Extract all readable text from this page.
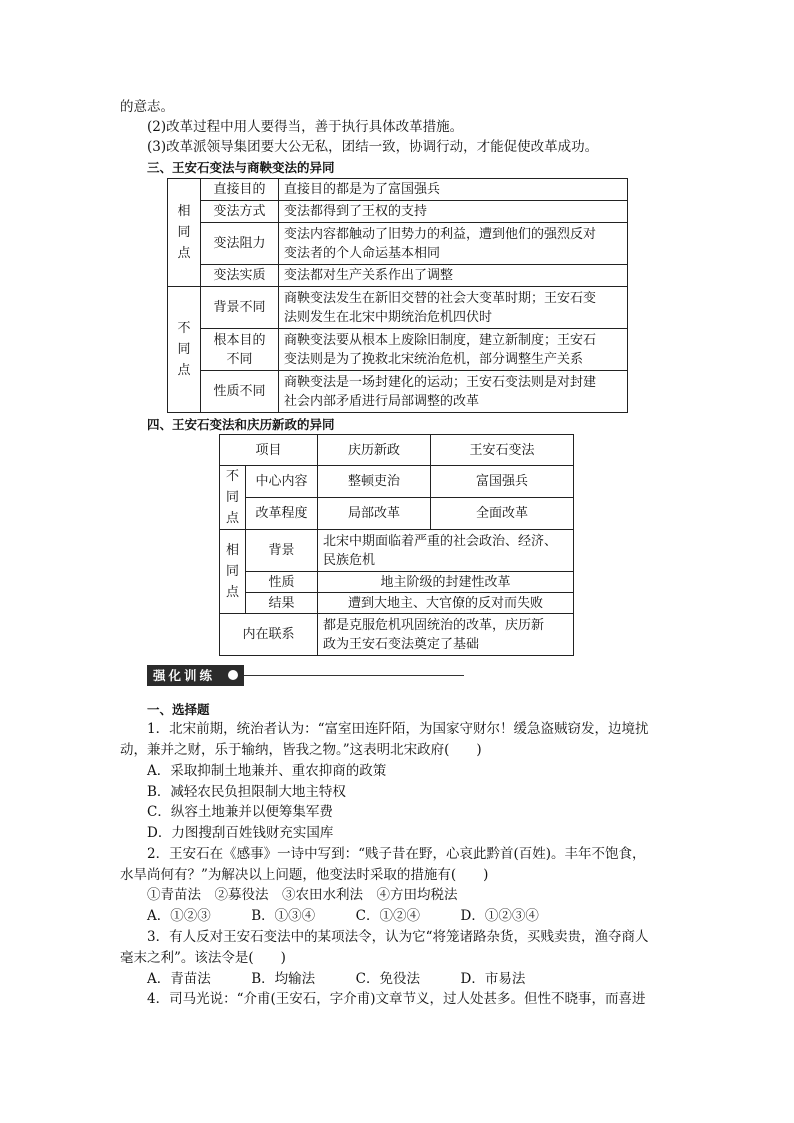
的意志。
(2)改革过程中用人要得当，善于执行具体改革措施。
(3)改革派领导集团要大公无私，团结一致，协调行动，才能促使改革成功。
三、王安石变法与商鞅变法的异同
相
同
点	直接目的	直接目的都是为了富国强兵
	变法方式	变法都得到了王权的支持
	变法阻力	变法内容都触动了旧势力的利益，遭到他们的强烈反对
变法者的个人命运基本相同
	变法实质	变法都对生产关系作出了调整
不
同
点	背景不同	商鞅变法发生在新旧交替的社会大变革时期；王安石变
法则发生在北宋中期统治危机四伏时
	根本目的
不同	商鞅变法要从根本上废除旧制度，建立新制度；王安石
变法则是为了挽救北宋统治危机，部分调整生产关系
	性质不同	商鞅变法是一场封建化的运动；王安石变法则是对封建
社会内部矛盾进行局部调整的改革
四、王安石变法和庆历新政的异同
项目		庆历新政	王安石变法
不
同
点	中心内容	整顿吏治	富国强兵
	改革程度	局部改革	全面改革
相
同
点	背景	北宋中期面临着严重的社会政治、经济、
民族危机	
	性质	地主阶级的封建性改革	
	结果	遭到大地主、大官僚的反对而失败	
内在联系		都是克服危机巩固统治的改革，庆历新
政为王安石变法奠定了基础	
强化训练
一、选择题
1．北宋前期，统治者认为：“富室田连阡陌，为国家守财尔！缓急盗贼窃发，边境扰
动，兼并之财，乐于输纳，皆我之物。”这表明北宋政府(　　)
A．采取抑制土地兼并、重农抑商的政策
B．减轻农民负担限制大地主特权
C．纵容土地兼并以便筹集军费
D．力图搜刮百姓钱财充实国库
2．王安石在《感事》一诗中写到：“贱子昔在野，心哀此黔首(百姓)。丰年不饱食，
水旱尚何有？”为解决以上问题，他变法时采取的措施有(　　)
①青苗法　②募役法　③农田水利法　④方田均税法
A．①②③　　　B．①③④　　　C．①②④　　　D．①②③④
3．有人反对王安石变法中的某项法令，认为它“将笼诸路杂货，买贱卖贵，渔夺商人
毫末之利”。该法令是(　　)
A．青苗法　　　B．均输法　　　C．免役法　　　D．市易法
4．司马光说：“介甫(王安石，字介甫)文章节义，过人处甚多。但性不晓事，而喜进
